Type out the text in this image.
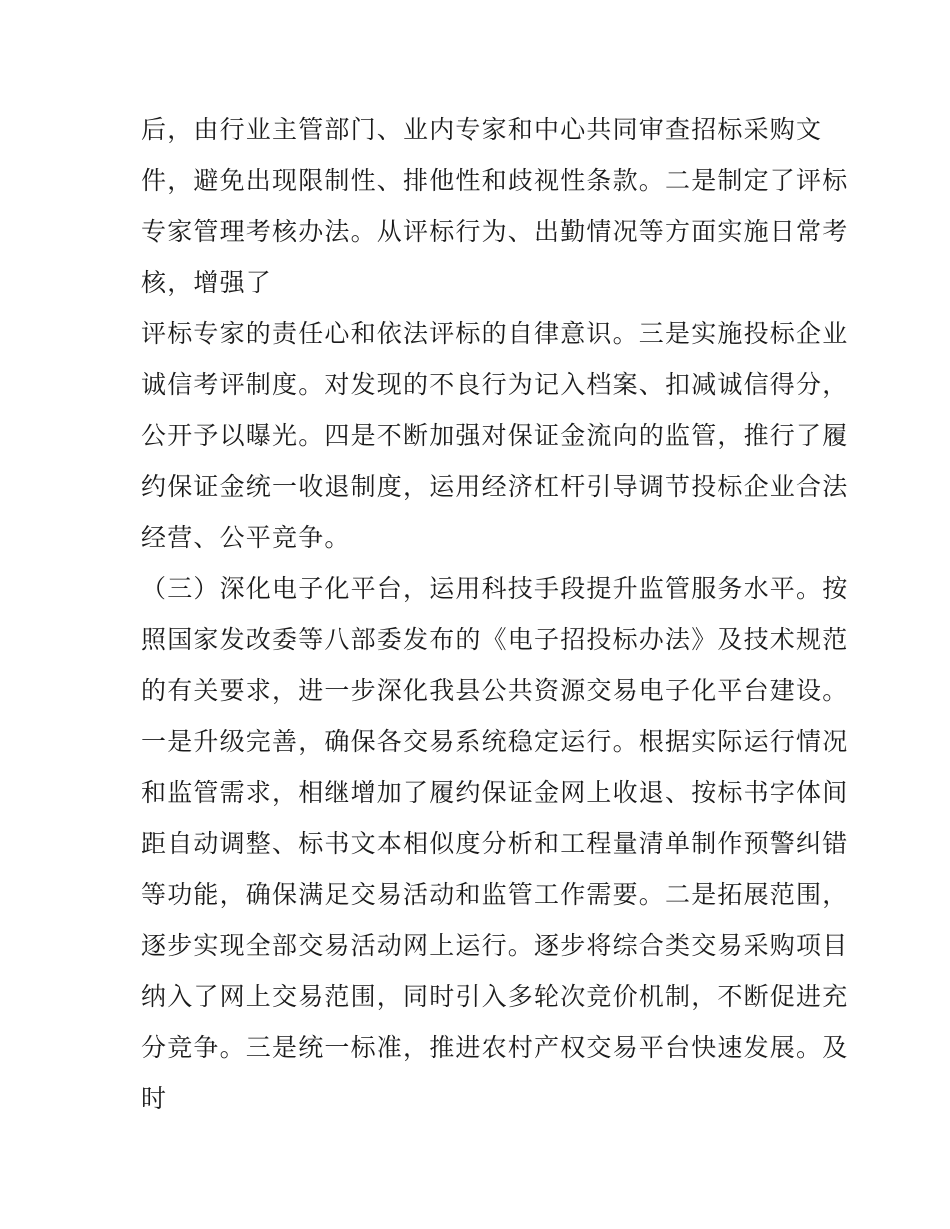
后，由行业主管部门、业内专家和中心共同审查招标采购文
件，避免出现限制性、排他性和歧视性条款。二是制定了评标
专家管理考核办法。从评标行为、出勤情况等方面实施日常考
核，增强了
评标专家的责任心和依法评标的自律意识。三是实施投标企业
诚信考评制度。对发现的不良行为记入档案、扣减诚信得分，
公开予以曝光。四是不断加强对保证金流向的监管，推行了履
约保证金统一收退制度，运用经济杠杆引导调节投标企业合法
经营、公平竞争。
（三）深化电子化平台，运用科技手段提升监管服务水平。按
照国家发改委等八部委发布的《电子招投标办法》及技术规范
的有关要求，进一步深化我县公共资源交易电子化平台建设。
一是升级完善，确保各交易系统稳定运行。根据实际运行情况
和监管需求，相继增加了履约保证金网上收退、按标书字体间
距自动调整、标书文本相似度分析和工程量清单制作预警纠错
等功能，确保满足交易活动和监管工作需要。二是拓展范围，
逐步实现全部交易活动网上运行。逐步将综合类交易采购项目
纳入了网上交易范围，同时引入多轮次竞价机制，不断促进充
分竞争。三是统一标准，推进农村产权交易平台快速发展。及
时
